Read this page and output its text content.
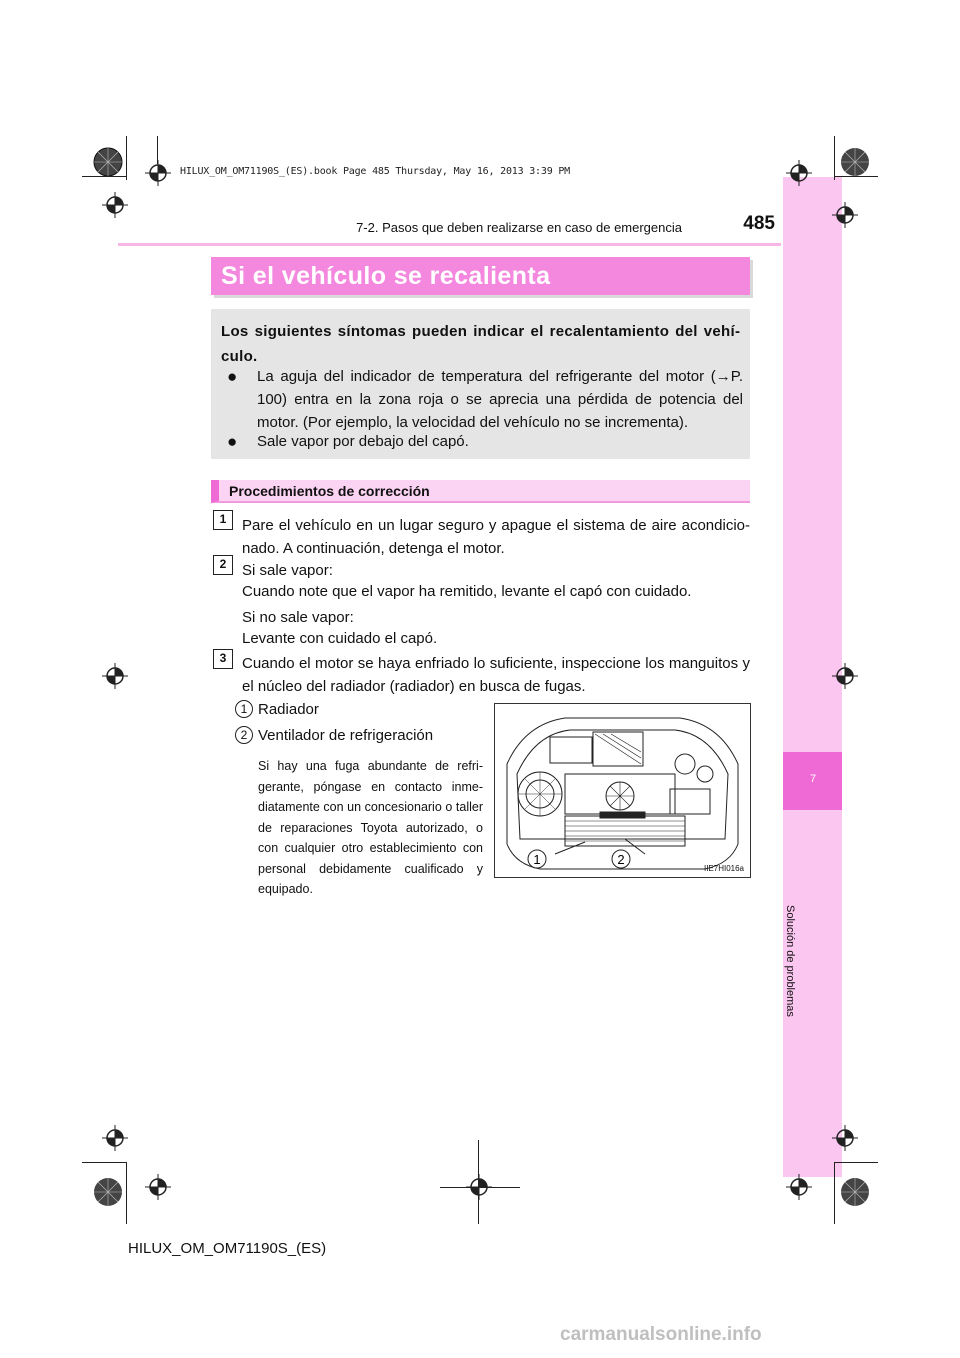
7
Solución de problemas
HILUX_OM_OM71190S_(ES).book Page 485 Thursday, May 16, 2013 3:39 PM
7-2. Pasos que deben realizarse en caso de emergencia	485
Si el vehículo se recalienta

Los siguientes síntomas pueden indicar el recalentamiento del vehículo.

● La aguja del indicador de temperatura del refrigerante del motor (→P. 100) entra en la zona roja o se aprecia una pérdida de potencia del motor. (Por ejemplo, la velocidad del vehículo no se incrementa).
● Sale vapor por debajo del capó.
Procedimientos de corrección
1	Pare el vehículo en un lugar seguro y apague el sistema de aire acondicionado. A continuación, detenga el motor.
2	Si sale vapor:
Cuando note que el vapor ha remitido, levante el capó con cuidado.
Si no sale vapor:
Levante con cuidado el capó.
3	Cuando el motor se haya enfriado lo suficiente, inspeccione los manguitos y el núcleo del radiador (radiador) en busca de fugas.
1 Radiador
2 Ventilador de refrigeración
Si hay una fuga abundante de refrigerante, póngase en contacto inmediatamente con un concesionario o taller de reparaciones Toyota autorizado, o con cualquier otro establecimiento con personal debidamente cualificado y equipado.
1	2
IIE7HI016a
HILUX_OM_OM71190S_(ES)
carmanualsonline.info
